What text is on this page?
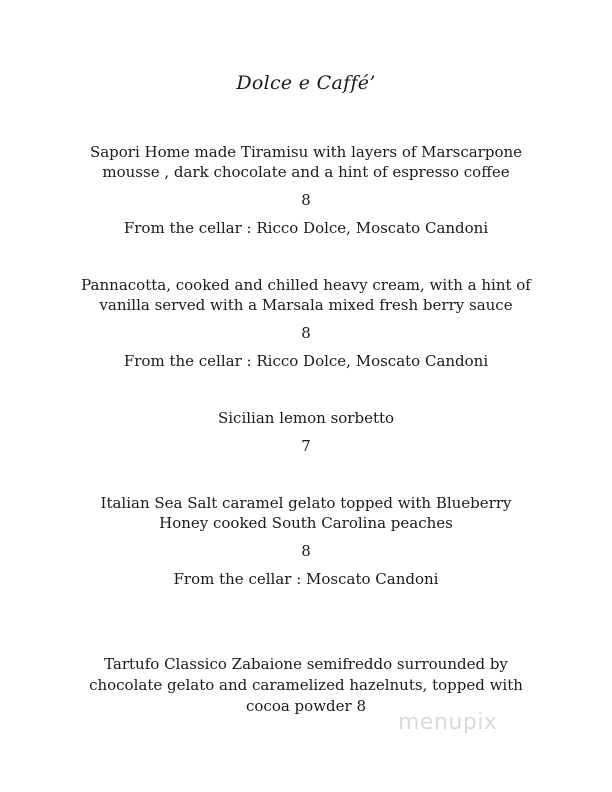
Dolce e Caffé’
Sapori Home made Tiramisu with layers of Marscarpone
mousse , dark chocolate and a hint of espresso coffee
8
From the cellar : Ricco Dolce, Moscato Candoni
Pannacotta, cooked and chilled heavy cream, with a hint of
vanilla served with a Marsala mixed fresh berry sauce
8
From the cellar : Ricco Dolce, Moscato Candoni
Sicilian lemon sorbetto
7
Italian Sea Salt caramel gelato topped with Blueberry
Honey cooked South Carolina peaches
8
From the cellar : Moscato Candoni
Tartufo Classico Zabaione semifreddo surrounded by
chocolate gelato and caramelized hazelnuts, topped with
cocoa powder 8
menupix
